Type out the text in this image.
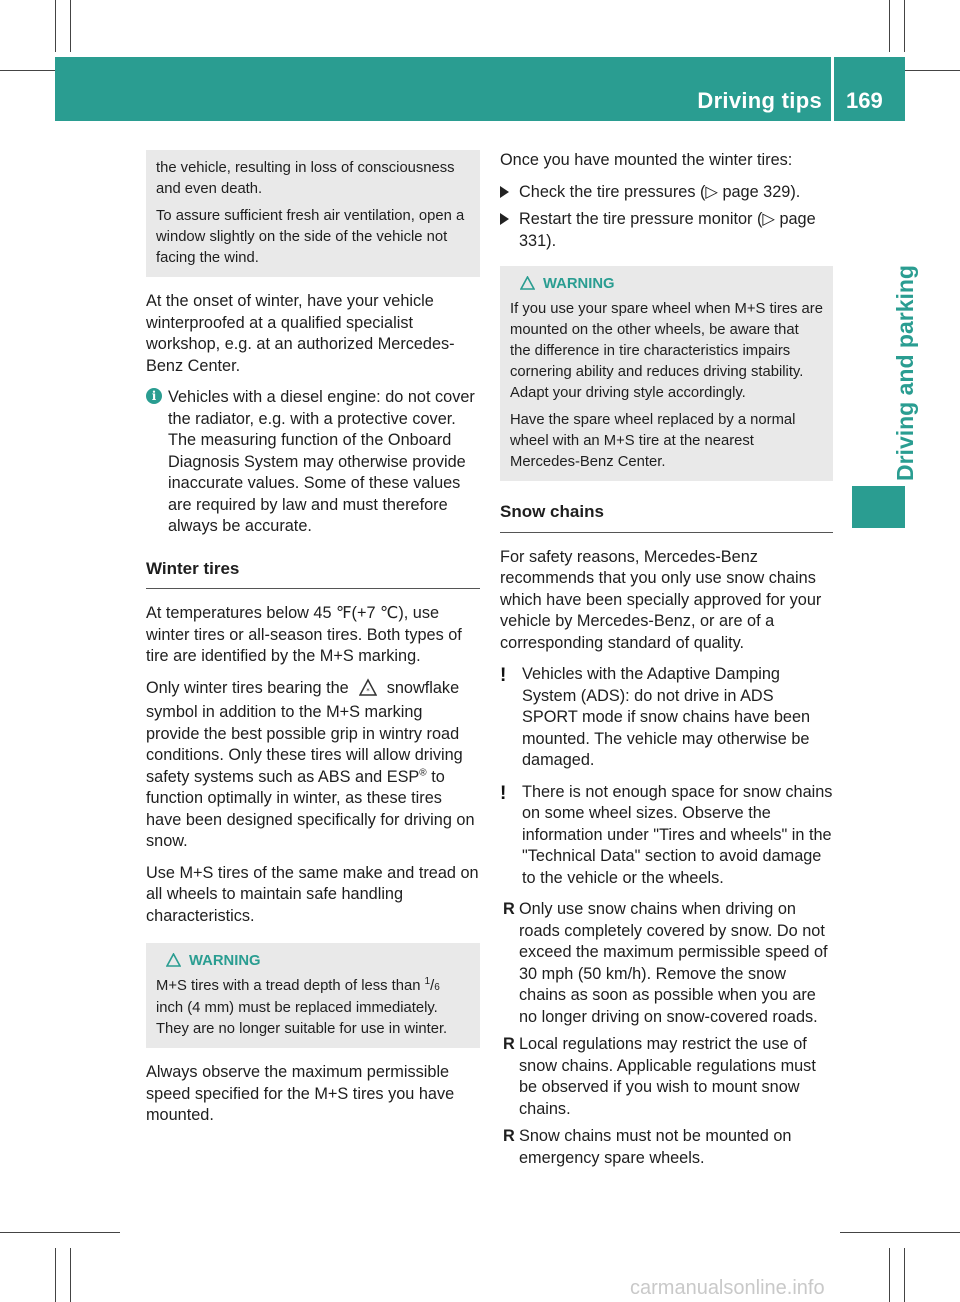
Driving tips 169
Driving and parking

the vehicle, resulting in loss of consciousness and even death.

To assure sufficient fresh air ventilation, open a window slightly on the side of the vehicle not facing the wind.

At the onset of winter, have your vehicle winterproofed at a qualified specialist workshop, e.g. at an authorized Mercedes-Benz Center.

i Vehicles with a diesel engine: do not cover the radiator, e.g. with a protective cover. The measuring function of the Onboard Diagnosis System may otherwise provide inaccurate values. Some of these values are required by law and must therefore always be accurate.
Winter tires

At temperatures below 45 ℉(+7 ℃), use winter tires or all-season tires. Both types of tire are identified by the M+S marking.

Only winter tires bearing the * snowflake symbol in addition to the M+S marking provide the best possible grip in wintry road conditions. Only these tires will allow driving safety systems such as ABS and ESP® to function optimally in winter, as these tires have been designed specifically for driving on snow.

Use M+S tires of the same make and tread on all wheels to maintain safe handling characteristics.

WARNING

M+S tires with a tread depth of less than $^1$/6 inch (4 mm) must be replaced immediately. They are no longer suitable for use in winter.

Always observe the maximum permissible speed specified for the M+S tires you have mounted.

Once you have mounted the winter tires:

Check the tire pressures (▷ page 329).
Restart the tire pressure monitor (▷ page 331).
WARNING

If you use your spare wheel when M+S tires are mounted on the other wheels, be aware that the difference in tire characteristics impairs cornering ability and reduces driving stability. Adapt your driving style accordingly.

Have the spare wheel replaced by a normal wheel with an M+S tire at the nearest Mercedes-Benz Center.

Snow chains

For safety reasons, Mercedes-Benz recommends that you only use snow chains which have been specially approved for your vehicle by Mercedes-Benz, or are of a corresponding standard of quality.

! Vehicles with the Adaptive Damping System (ADS): do not drive in ADS SPORT mode if snow chains have been mounted. The vehicle may otherwise be damaged.
! There is not enough space for snow chains on some wheel sizes. Observe the information under "Tires and wheels" in the "Technical Data" section to avoid damage to the vehicle or the wheels.
R Only use snow chains when driving on roads completely covered by snow. Do not exceed the maximum permissible speed of 30 mph (50 km/h). Remove the snow chains as soon as possible when you are no longer driving on snow-covered roads.
R Local regulations may restrict the use of snow chains. Applicable regulations must be observed if you wish to mount snow chains.
R Snow chains must not be mounted on emergency spare wheels.
carmanualsonline.info
